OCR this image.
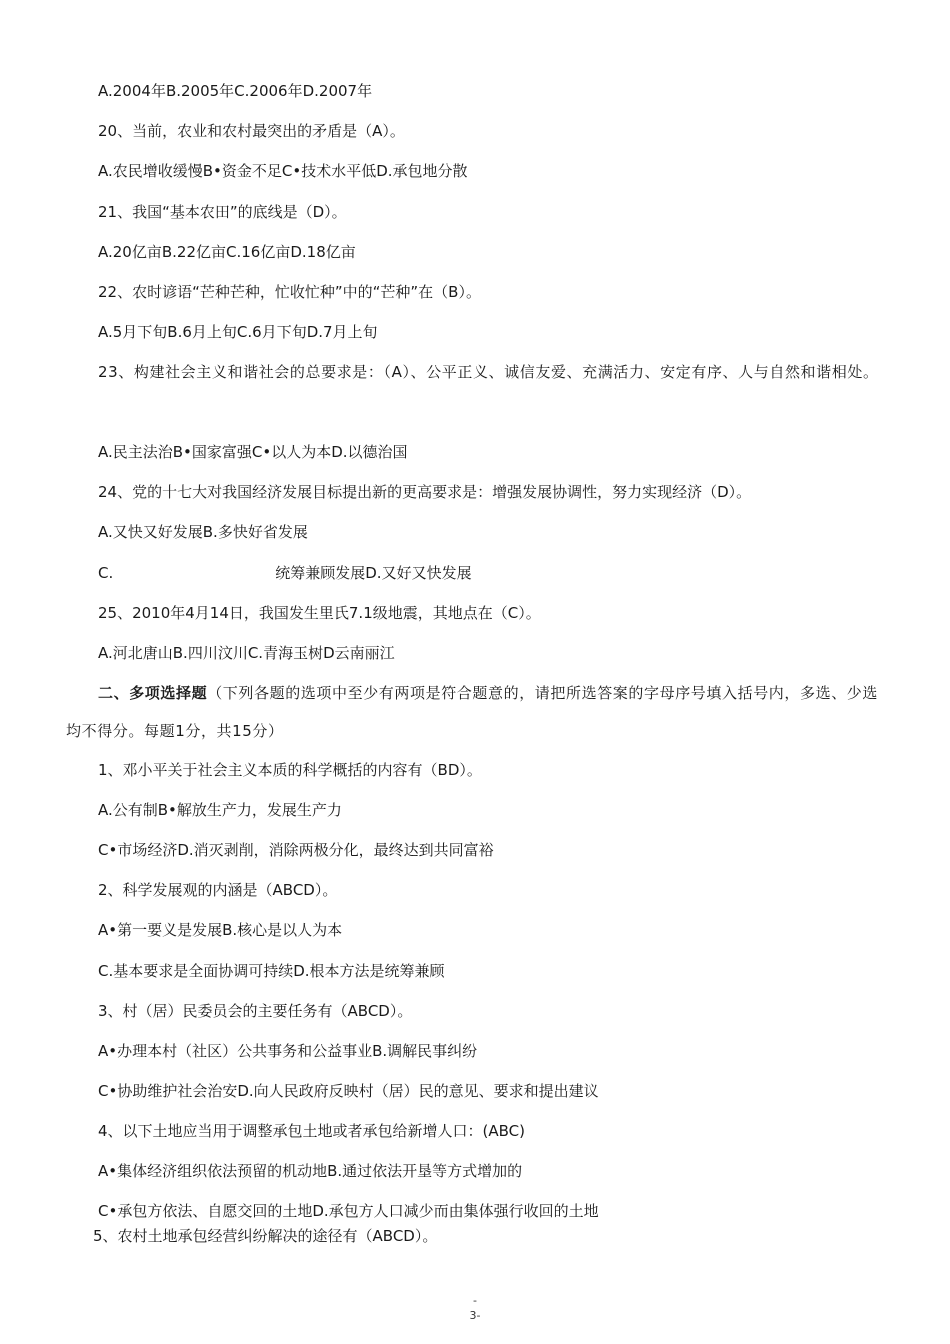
A.2004年B.2005年C.2006年D.2007年
20、当前，农业和农村最突出的矛盾是（A）。
A.农民增收缓慢B•资金不足C•技术水平低D.承包地分散
21、我国“基本农田”的底线是（D）。
A.20亿亩B.22亿亩C.16亿亩D.18亿亩
22、农时谚语“芒种芒种，忙收忙种”中的“芒种”在（B）。
A.5月下旬B.6月上旬C.6月下旬D.7月上旬
23、构建社会主义和谐社会的总要求是：（A）、公平正义、诚信友爱、充满活力、安定有序、人与自然和谐相处。
A.民主法治B•国家富强C•以人为本D.以德治国
24、党的十七大对我国经济发展目标提出新的更高要求是：增强发展协调性，努力实现经济（D）。
A.又快又好发展B.多快好省发展
C.	统筹兼顾发展D.又好又快发展
25、2010年4月14日，我国发生里氏7.1级地震，其地点在（C）。
A.河北唐山B.四川汶川C.青海玉树D云南丽江
二、多项选择题（下列各题的选项中至少有两项是符合题意的，请把所选答案的字母序号填入括号内，多选、少选均不得分。每题1分，共15分）
1、邓小平关于社会主义本质的科学概括的内容有（BD）。
A.公有制B•解放生产力，发展生产力
C•市场经济D.消灭剥削，消除两极分化，最终达到共同富裕
2、科学发展观的内涵是（ABCD）。
A•第一要义是发展B.核心是以人为本
C.基本要求是全面协调可持续D.根本方法是统筹兼顾
3、村（居）民委员会的主要任务有（ABCD）。
A•办理本村（社区）公共事务和公益事业B.调解民事纠纷
C•协助维护社会治安D.向人民政府反映村（居）民的意见、要求和提出建议
4、以下土地应当用于调整承包土地或者承包给新增人口：(ABC)
A•集体经济组织依法预留的机动地B.通过依法开垦等方式增加的
C•承包方依法、自愿交回的土地D.承包方人口减少而由集体强行收回的土地
5、农村土地承包经营纠纷解决的途径有（ABCD）。
-
3-
